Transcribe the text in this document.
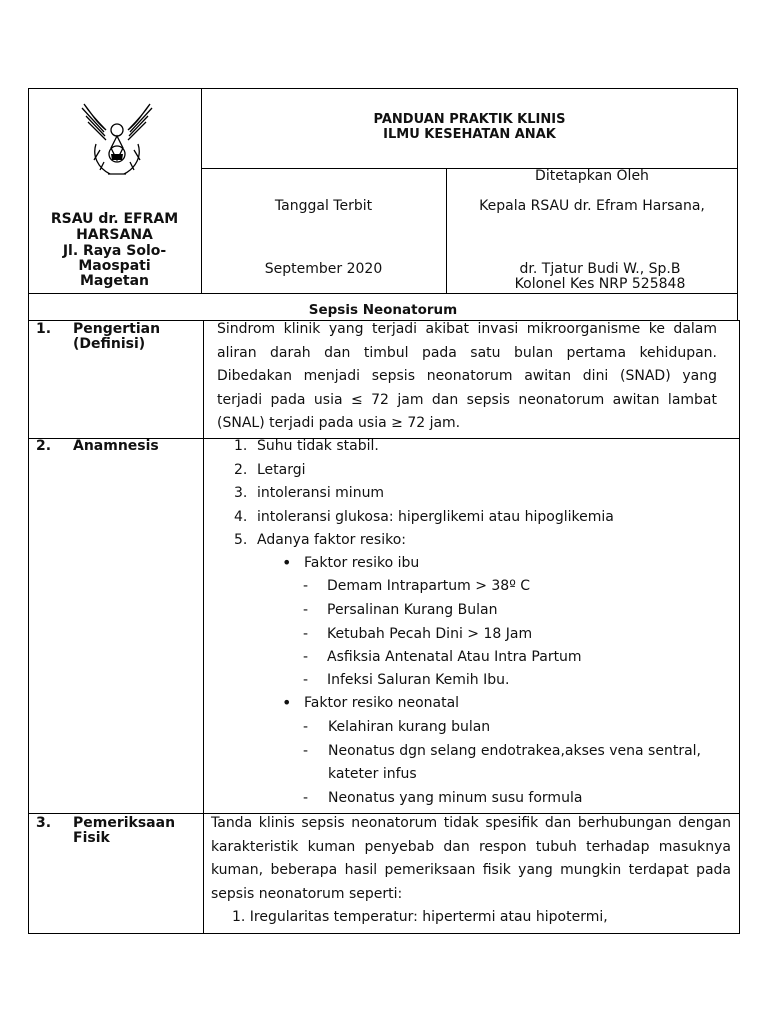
RSAU dr. EFRAM
HARSANA
Jl. Raya Solo-
Maospati
Magetan
PANDUAN PRAKTIK KLINIS
ILMU KESEHATAN ANAK
Tanggal Terbit
September 2020
Ditetapkan Oleh
Kepala RSAU dr. Efram Harsana,
dr. Tjatur Budi W., Sp.B
Kolonel Kes NRP 525848
Sepsis Neonatorum
1. Pengertian
(Definisi)
Sindrom klinik yang terjadi akibat invasi mikroorganisme ke dalam
aliran darah dan timbul pada satu bulan pertama kehidupan.
Dibedakan menjadi sepsis neonatorum awitan dini (SNAD) yang
terjadi pada usia ≤ 72 jam dan sepsis neonatorum awitan lambat
(SNAL) terjadi pada usia ≥ 72 jam.
2. Anamnesis	1. Suhu tidak stabil.
2. Letargi
3. intoleransi minum
4. intoleransi glukosa: hiperglikemi atau hipoglikemia
5. Adanya faktor resiko:
• Faktor resiko ibu
- Demam Intrapartum > 38º C
- Persalinan Kurang Bulan
- Ketubah Pecah Dini > 18 Jam
- Asfiksia Antenatal Atau Intra Partum
- Infeksi Saluran Kemih Ibu.
• Faktor resiko neonatal
- Kelahiran kurang bulan
- Neonatus dgn selang endotrakea,akses vena sentral,
kateter infus
- Neonatus yang minum susu formula
3. Pemeriksaan
Fisik
Tanda klinis sepsis neonatorum tidak spesifik dan berhubungan dengan
karakteristik kuman penyebab dan respon tubuh terhadap masuknya
kuman, beberapa hasil pemeriksaan fisik yang mungkin terdapat pada
sepsis neonatorum seperti:
1. Iregularitas temperatur: hipertermi atau hipotermi,
